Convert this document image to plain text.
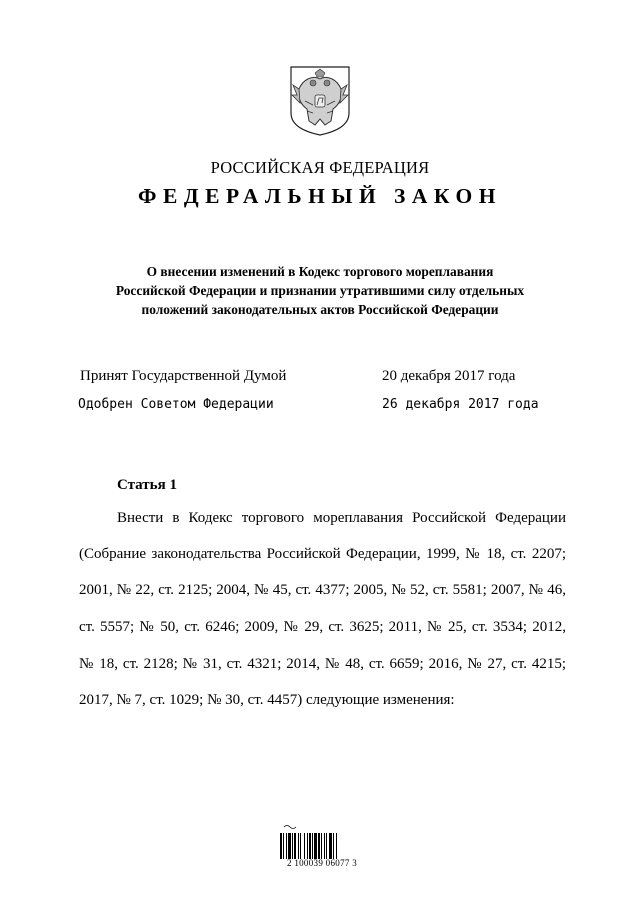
РОССИЙСКАЯ ФЕДЕРАЦИЯ
ФЕДЕРАЛЬНЫЙ ЗАКОН
О внесении изменений в Кодекс торгового мореплавания
Российской Федерации и признании утратившими силу отдельных
положений законодательных актов Российской Федерации
Принят Государственной Думой	20 декабря 2017 года
Одобрен Советом Федерации	26 декабря 2017 года
Статья 1
Внести в Кодекс торгового мореплавания Российской Федерации
(Собрание законодательства Российской Федерации, 1999, № 18, ст. 2207;
2001, № 22, ст. 2125; 2004, № 45, ст. 4377; 2005, № 52, ст. 5581; 2007, № 46,
ст. 5557; № 50, ст. 6246; 2009, № 29, ст. 3625; 2011, № 25, ст. 3534; 2012,
№ 18, ст. 2128; № 31, ст. 4321; 2014, № 48, ст. 6659; 2016, № 27, ст. 4215;
2017, № 7, ст. 1029; № 30, ст. 4457) следующие изменения:
2 100039 06077 3
